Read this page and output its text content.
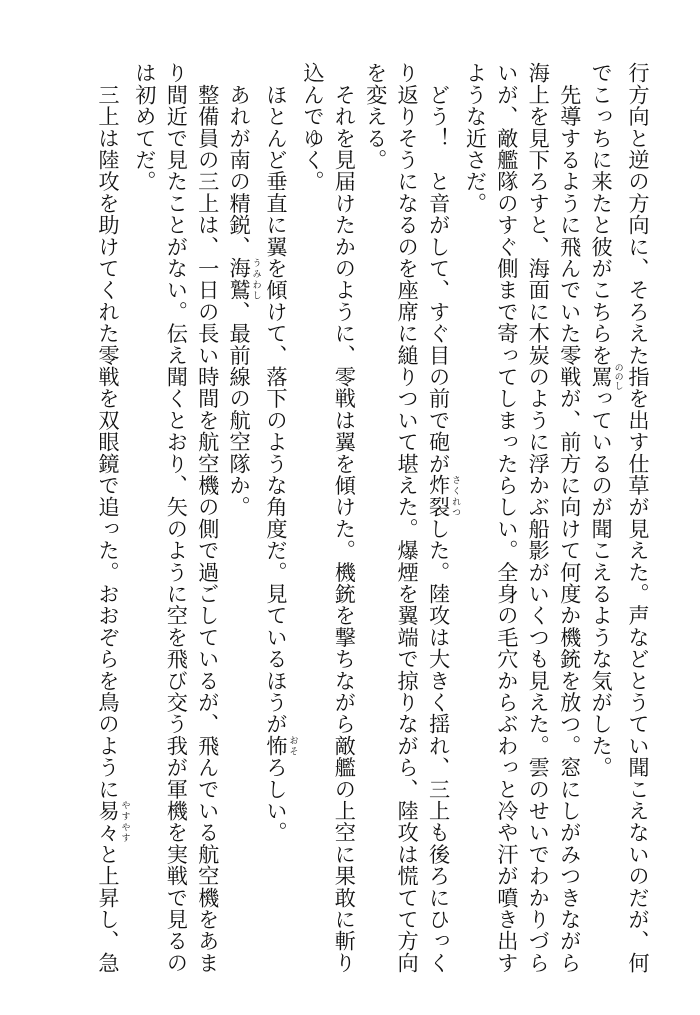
行方向と逆の方向に、そろえた指を出す仕草が見えた。声などとうてい聞こえないのだが、何
でこっちに来たと彼がこちらを罵ののしっているのが聞こえるような気がした。
　先導するように飛んでいた零戦が、前方に向けて何度か機銃を放つ。窓にしがみつきながら
海上を見下ろすと、海面に木炭のように浮かぶ船影がいくつも見えた。雲のせいでわかりづら
いが、敵艦隊のすぐ側まで寄ってしまったらしい。全身の毛穴からぶわっと冷や汗が噴き出す
ような近さだ。
　どう！　と音がして、すぐ目の前で砲が炸裂さくれつした。陸攻は大きく揺れ、三上も後ろにひっく
り返りそうになるのを座席に縋りついて堪えた。爆煙を翼端で掠りながら、陸攻は慌てて方向
を変える。
　それを見届けたかのように、零戦は翼を傾けた。機銃を撃ちながら敵艦の上空に果敢に斬り
込んでゆく。
　ほとんど垂直に翼を傾けて、落下のような角度だ。見ているほうが怖おそろしい。
　あれが南の精鋭、海鷲うみわし、最前線の航空隊か。
　整備員の三上は、一日の長い時間を航空機の側で過ごしているが、飛んでいる航空機をあま
り間近で見たことがない。伝え聞くとおり、矢のように空を飛び交う我が軍機を実戦で見るの
は初めてだ。
　三上は陸攻を助けてくれた零戦を双眼鏡で追った。おおぞらを鳥のように易々やすやすと上昇し、急
